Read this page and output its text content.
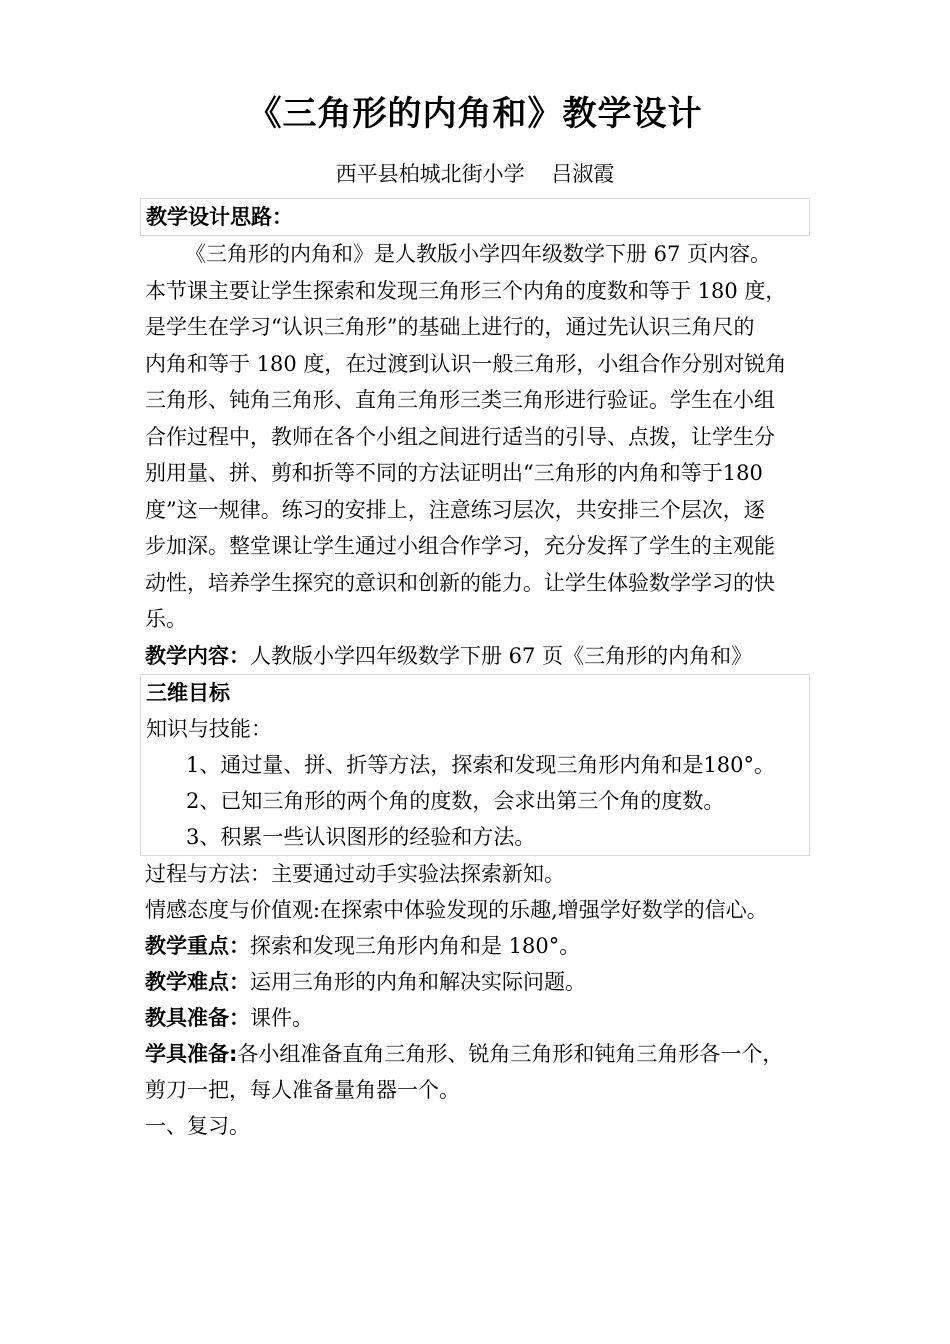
《三角形的内角和》教学设计
西平县柏城北街小学    吕淑霞
教学设计思路：
《三角形的内角和》是人教版小学四年级数学下册 67 页内容。
本节课主要让学生探索和发现三角形三个内角的度数和等于 180 度，
是学生在学习“认识三角形”的基础上进行的，通过先认识三角尺的
内角和等于 180 度，在过渡到认识一般三角形，小组合作分别对锐角
三角形、钝角三角形、直角三角形三类三角形进行验证。学生在小组
合作过程中，教师在各个小组之间进行适当的引导、点拨，让学生分
别用量、拼、剪和折等不同的方法证明出“三角形的内角和等于180
度”这一规律。练习的安排上，注意练习层次，共安排三个层次，逐
步加深。整堂课让学生通过小组合作学习，充分发挥了学生的主观能
动性，培养学生探究的意识和创新的能力。让学生体验数学学习的快
乐。
教学内容：人教版小学四年级数学下册 67 页《三角形的内角和》
三维目标
知识与技能：
1、通过量、拼、折等方法，探索和发现三角形内角和是180°。
2、已知三角形的两个角的度数，会求出第三个角的度数。
3、积累一些认识图形的经验和方法。
过程与方法：主要通过动手实验法探索新知。
情感态度与价值观:在探索中体验发现的乐趣,增强学好数学的信心。
教学重点：探索和发现三角形内角和是 180°。
教学难点：运用三角形的内角和解决实际问题。
教具准备：课件。
学具准备:各小组准备直角三角形、锐角三角形和钝角三角形各一个，
剪刀一把，每人准备量角器一个。
一、复习。
